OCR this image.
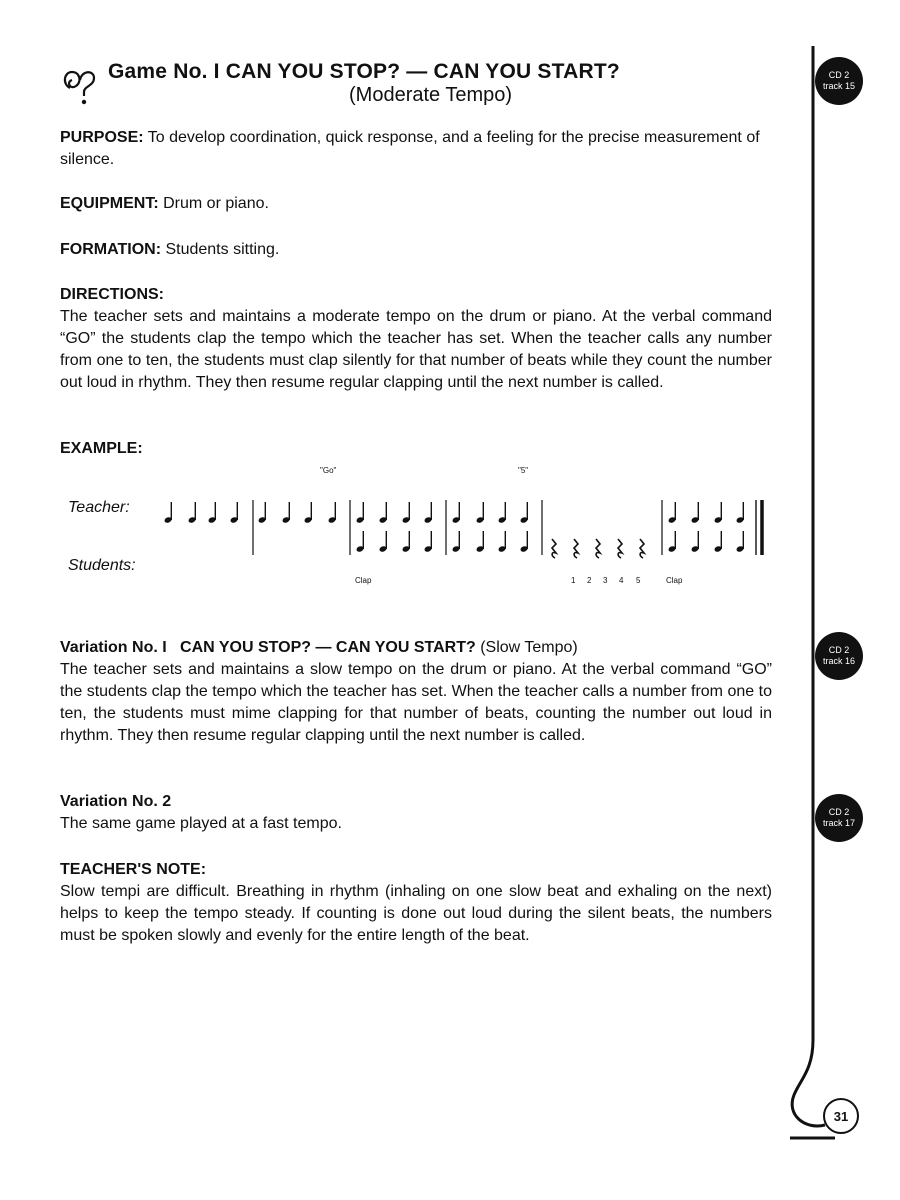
31
CD 2
track 15
CD 2
track 16
CD 2
track 17
Game No. I CAN YOU STOP? — CAN YOU START?
(Moderate Tempo)
PURPOSE: To develop coordination, quick response, and a feeling for the precise measurement of silence.
EQUIPMENT: Drum or piano.
FORMATION: Students sitting.
DIRECTIONS:
The teacher sets and maintains a moderate tempo on the drum or piano. At the verbal command “GO” the students clap the tempo which the teacher has set. When the teacher calls any number from one to ten, the students must clap silently for that number of beats while they count the number out loud in rhythm. They then resume regular clapping until the next number is called.
EXAMPLE:
Teacher:
Students:
"Go"	"5"
Clap	Clap
1 2 3 4 5
Variation No. I   CAN YOU STOP? — CAN YOU START? (Slow Tempo)
The teacher sets and maintains a slow tempo on the drum or piano. At the verbal command “GO” the students clap the tempo which the teacher has set. When the teacher calls a number from one to ten, the students must mime clapping for that number of beats, counting the number out loud in rhythm. They then resume regular clapping until the next number is called.
Variation No. 2
The same game played at a fast tempo.
TEACHER'S NOTE:
Slow tempi are difficult. Breathing in rhythm (inhaling on one slow beat and exhaling on the next) helps to keep the tempo steady. If counting is done out loud during the silent beats, the numbers must be spoken slowly and evenly for the entire length of the beat.
